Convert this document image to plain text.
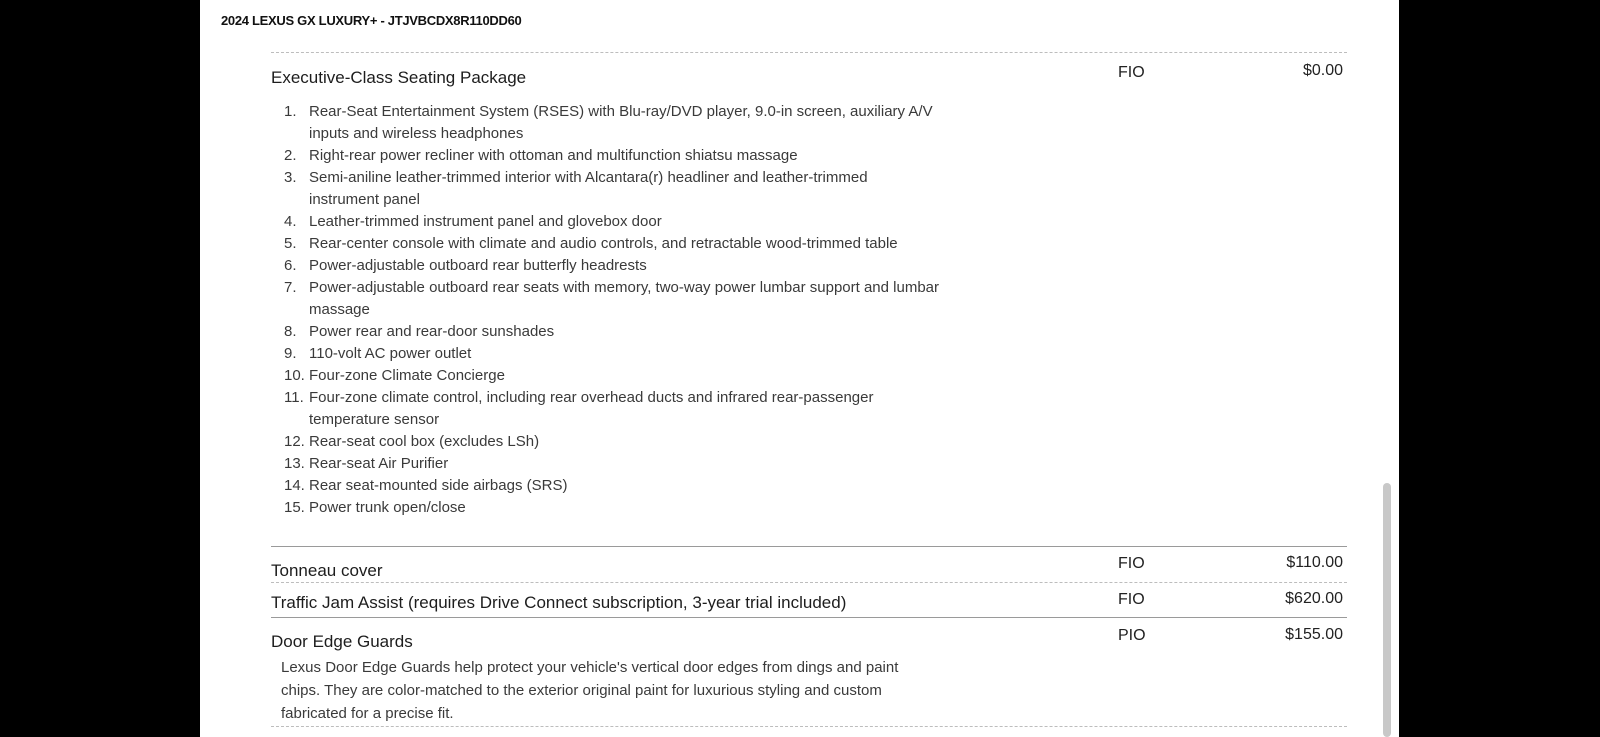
2024 LEXUS GX LUXURY+ - JTJVBCDX8R110DD60
Executive-Class Seating Package	FIO	$0.00
1. Rear-Seat Entertainment System (RSES) with Blu-ray/DVD player, 9.0-in screen, auxiliary A/V inputs and wireless headphones
2. Right-rear power recliner with ottoman and multifunction shiatsu massage
3. Semi-aniline leather-trimmed interior with Alcantara(r) headliner and leather-trimmed instrument panel
4. Leather-trimmed instrument panel and glovebox door
5. Rear-center console with climate and audio controls, and retractable wood-trimmed table
6. Power-adjustable outboard rear butterfly headrests
7. Power-adjustable outboard rear seats with memory, two-way power lumbar support and lumbar massage
8. Power rear and rear-door sunshades
9. 110-volt AC power outlet
10. Four-zone Climate Concierge
11. Four-zone climate control, including rear overhead ducts and infrared rear-passenger temperature sensor
12. Rear-seat cool box (excludes LSh)
13. Rear-seat Air Purifier
14. Rear seat-mounted side airbags (SRS)
15. Power trunk open/close
Tonneau cover	FIO	$110.00
Traffic Jam Assist (requires Drive Connect subscription, 3-year trial included)	FIO	$620.00
Door Edge Guards	PIO	$155.00
Lexus Door Edge Guards help protect your vehicle's vertical door edges from dings and paint chips. They are color-matched to the exterior original paint for luxurious styling and custom fabricated for a precise fit.
